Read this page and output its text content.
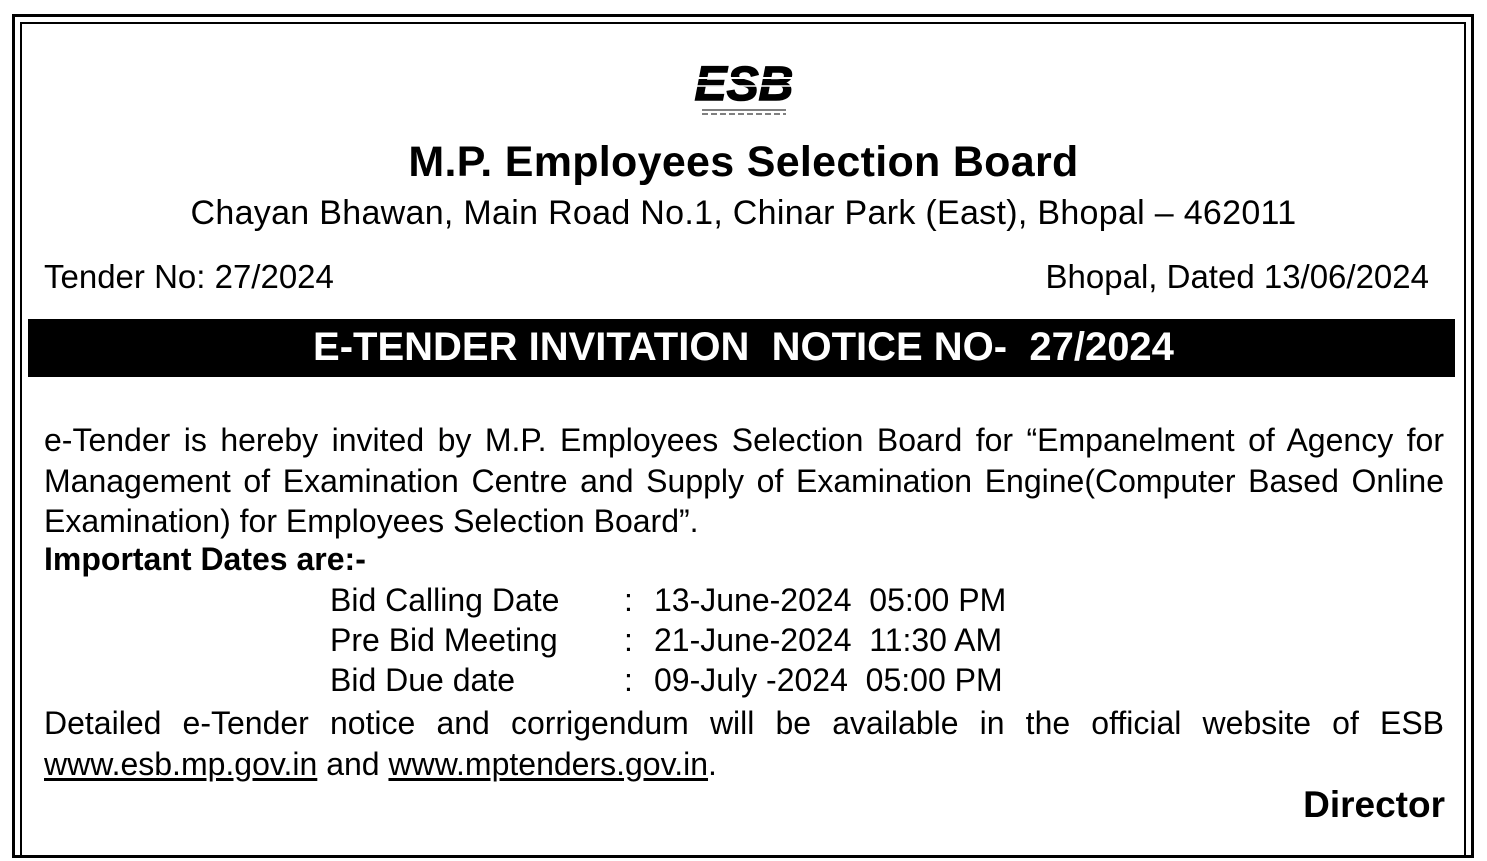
ESB
M.P. Employees Selection Board
Chayan Bhawan, Main Road No.1, Chinar Park (East), Bhopal – 462011
Tender No: 27/2024	Bhopal, Dated 13/06/2024
E-TENDER INVITATION  NOTICE NO-  27/2024
e-Tender is hereby invited by M.P. Employees Selection Board for “Empanelment of Agency for Management of Examination Centre and Supply of Examination Engine(Computer Based Online Examination) for Employees Selection Board”.
Important Dates are:-
Bid Calling Date : 13-June-2024  05:00 PM
Pre Bid Meeting : 21-June-2024  11:30 AM
Bid Due date	: 09-July -2024  05:00 PM
Detailed e-Tender notice and corrigendum will be available in the official website of ESB www.esb.mp.gov.in and www.mptenders.gov.in.
Director
